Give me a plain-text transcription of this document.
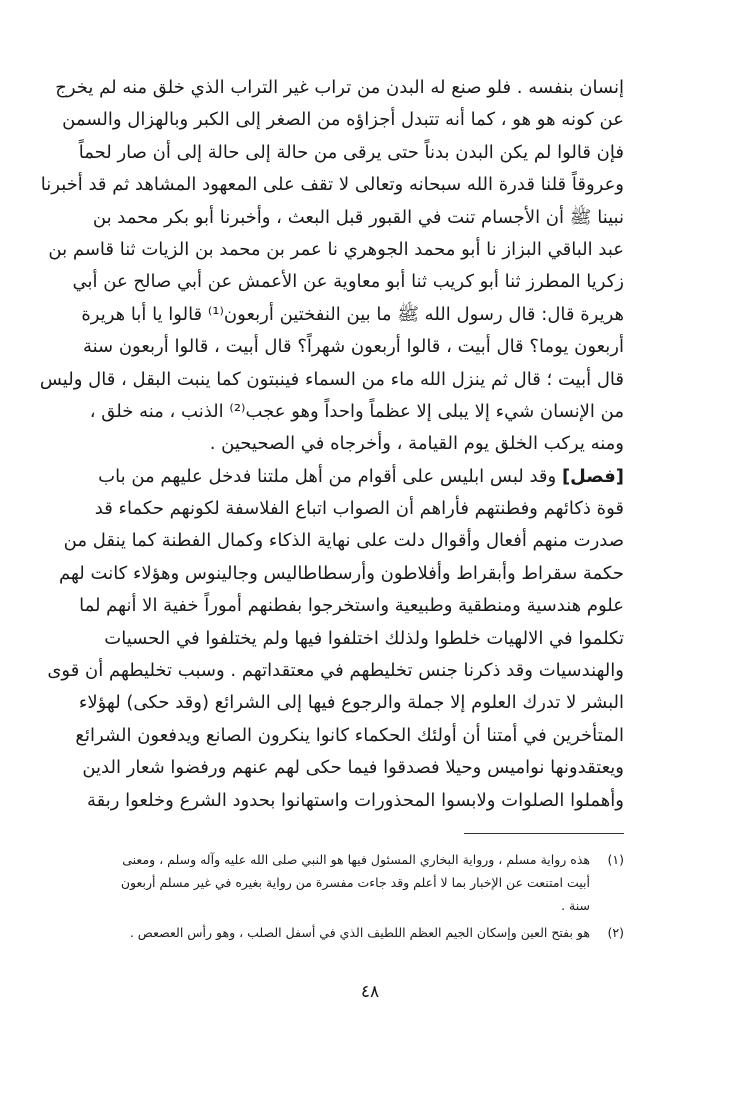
إنسان بنفسه . فلو صنع له البدن من تراب غير التراب الذي خلق منه لم يخرج
عن كونه هو هو ، كما أنه تتبدل أجزاؤه من الصغر إلى الكبر وبالهزال والسمن
فإن قالوا لم يكن البدن بدناً حتى يرقى من حالة إلى حالة إلى أن صار لحماً
وعروقاً قلنا قدرة الله سبحانه وتعالى لا تقف على المعهود المشاهد ثم قد أخبرنا
نبينا ﷺ أن الأجسام تنت في القبور قبل البعث ، وأخبرنا أبو بكر محمد بن
عبد الباقي البزاز نا أبو محمد الجوهري نا عمر بن محمد بن الزيات ثنا قاسم بن
زكريا المطرز ثنا أبو كريب ثنا أبو معاوية عن الأعمش عن أبي صالح عن أبي
هريرة قال: قال رسول الله ﷺ ما بين النفختين أربعون⁽¹⁾ قالوا يا أبا هريرة
أربعون يوما؟ قال أبيت ، قالوا أربعون شهراً؟ قال أبيت ، قالوا أربعون سنة
قال أبيت ؛ قال ثم ينزل الله ماء من السماء فينبتون كما ينبت البقل ، قال وليس
من الإنسان شيء إلا يبلى إلا عظماً واحداً وهو عجب⁽²⁾ الذنب ، منه خلق ،
ومنه يركب الخلق يوم القيامة ، وأخرجاه في الصحيحين .
[فصل] وقد لبس ابليس على أقوام من أهل ملتنا فدخل عليهم من باب
قوة ذكائهم وفطنتهم فأراهم أن الصواب اتباع الفلاسفة لكونهم حكماء قد
صدرت منهم أفعال وأقوال دلت على نهاية الذكاء وكمال الفطنة كما ينقل من
حكمة سقراط وأبقراط وأفلاطون وأرسطاطاليس وجالينوس وهؤلاء كانت لهم
علوم هندسية ومنطقية وطبيعية واستخرجوا بفطنهم أموراً خفية الا أنهم لما
تكلموا في الالهيات خلطوا ولذلك اختلفوا فيها ولم يختلفوا في الحسيات
والهندسيات وقد ذكرنا جنس تخليطهم في معتقداتهم . وسبب تخليطهم أن قوى
البشر لا تدرك العلوم إلا جملة والرجوع فيها إلى الشرائع (وقد حكى) لهؤلاء
المتأخرين في أمتنا أن أولئك الحكماء كانوا ينكرون الصانع ويدفعون الشرائع
ويعتقدونها نواميس وحيلا فصدقوا فيما حكى لهم عنهم ورفضوا شعار الدين
وأهملوا الصلوات ولابسوا المحذورات واستهانوا بحدود الشرع وخلعوا ربقة
(١)
هذه رواية مسلم ، ورواية البخاري المسئول فيها هو النبي صلى الله عليه وآله وسلم ، ومعنى
أبيت امتنعت عن الإخبار بما لا أعلم وقد جاءت مفسرة من رواية بغيره في غير مسلم أربعون
سنة .
(٢)
هو بفتح العين وإسكان الجيم العظم اللطيف الذي في أسفل الصلب ، وهو رأس العصعص .
٤٨
